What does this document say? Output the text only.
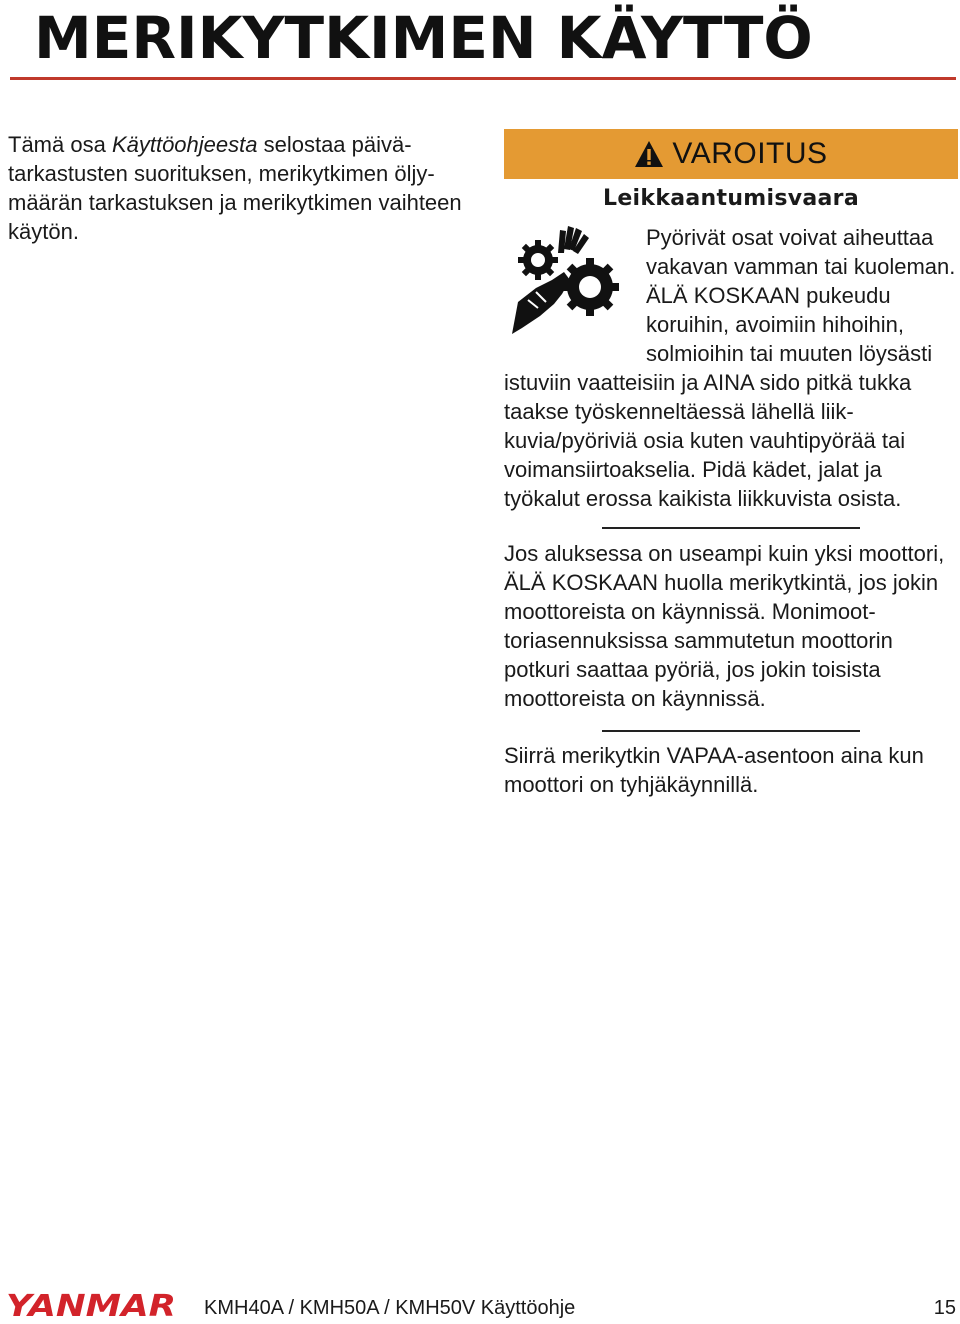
MERIKYTKIMEN KÄYTTÖ

Tämä osa Käyttöohjeesta selostaa päivätarkastusten suorituksen, merikytkimen öljymäärän tarkastuksen ja merikytkimen vaihteen käytön.

VAROITUS
Leikkaantumisvaara
Pyörivät osat voivat aiheuttaa vakavan vamman tai kuoleman. ÄLÄ KOSKAAN pukeudu koruihin, avoimiin hihoihin, solmioihin tai muuten löysästi istuviin vaatteisiin ja AINA sido pitkä tukka taakse työskenneltäessä lähellä liikkuvia/pyöriviä osia kuten vauhtipyörää tai voimansiirtoakselia. Pidä kädet, jalat ja työkalut erossa kaikista liikkuvista osista.

Jos aluksessa on useampi kuin yksi moottori, ÄLÄ KOSKAAN huolla merikytkintä, jos jokin moottoreista on käynnissä. Monimoottoriasennuksissa sammutetun moottorin potkuri saattaa pyöriä, jos jokin toisista moottoreista on käynnissä.

Siirrä merikytkin VAPAA-asentoon aina kun moottori on tyhjäkäynnillä.

YANMAR KMH40A / KMH50A / KMH50V Käyttöohje	15
